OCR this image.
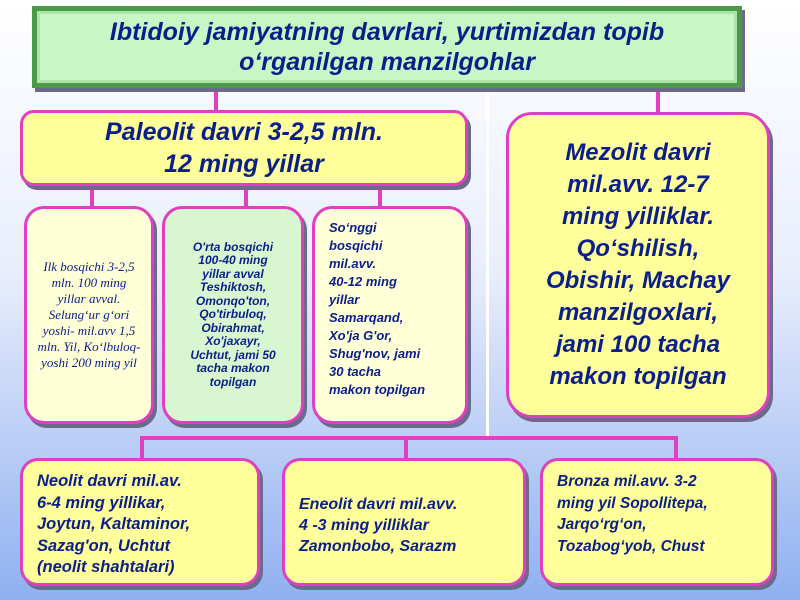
Ibtidoiy jamiyatning davrlari, yurtimizdan topib
o‘rganilgan manzilgohlar
Paleolit davri 3-2,5 mln.
12 ming yillar	Mezolit davri
mil.avv. 12-7
ming yilliklar.
Qo‘shilish,
Obishir, Machay
manzilgoxlari,
jami 100 tacha
makon topilgan
Ilk bosqichi 3-2,5 mln. 100 ming yillar avval. Selung‘ur g‘ori yoshi- mil.avv 1,5 mln. Yil, Ko‘lbuloq-yoshi 200 ming yil
O'rta bosqichi
100-40 ming
yillar avval
Teshiktosh,
Omonqo'ton,
Qo'tirbuloq,
Obirahmat,
Xo'jaxayr,
Uchtut, jami 50
tacha makon
topilgan
So‘nggi
bosqichi
mil.avv.
40-12 ming
yillar
Samarqand,
Xo'ja G'or,
Shug'nov, jami
30 tacha
makon topilgan
Neolit davri mil.av.
6-4 ming yillikar,
Joytun, Kaltaminor,
Sazag'on, Uchtut
(neolit shahtalari)
Eneolit davri mil.avv.
4 -3 ming yilliklar
Zamonbobo, Sarazm
Bronza mil.avv. 3-2
ming yil Sopollitepa,
Jarqo‘rg‘on,
Tozabog‘yob, Chust
